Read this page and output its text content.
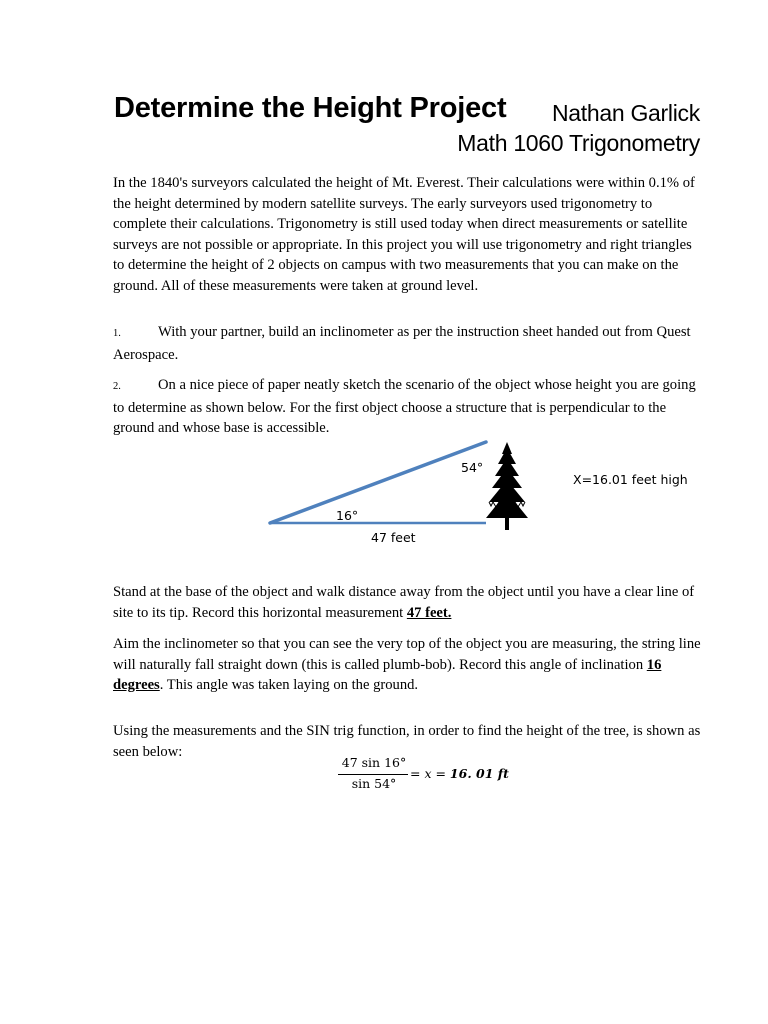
Determine the Height Project Nathan Garlick
Math 1060 Trigonometry
In the 1840's surveyors calculated the height of Mt. Everest. Their calculations were within 0.1% of the height determined by modern satellite surveys. The early surveyors used trigonometry to complete their calculations. Trigonometry is still used today when direct measurements or satellite surveys are not possible or appropriate. In this project you will use trigonometry and right triangles to determine the height of 2 objects on campus with two measurements that you can make on the ground. All of these measurements were taken at ground level.
1.	With your partner, build an inclinometer as per the instruction sheet handed out from Quest Aerospace.
2.	On a nice piece of paper neatly sketch the scenario of the object whose height you are going to determine as shown below. For the first object choose a structure that is perpendicular to the ground and whose base is accessible.
54°
16°
47 feet
X=16.01 feet high
Stand at the base of the object and walk distance away from the object until you have a clear line of site to its tip. Record this horizontal measurement 47 feet.
Aim the inclinometer so that you can see the very top of the object you are measuring, the string line will naturally fall straight down (this is called plumb-bob). Record this angle of inclination 16 degrees. This angle was taken laying on the ground.
Using the measurements and the SIN trig function, in order to find the height of the tree, is shown as seen below:
47 sin 16°
sin 54°
= x = 16. 01 ft
